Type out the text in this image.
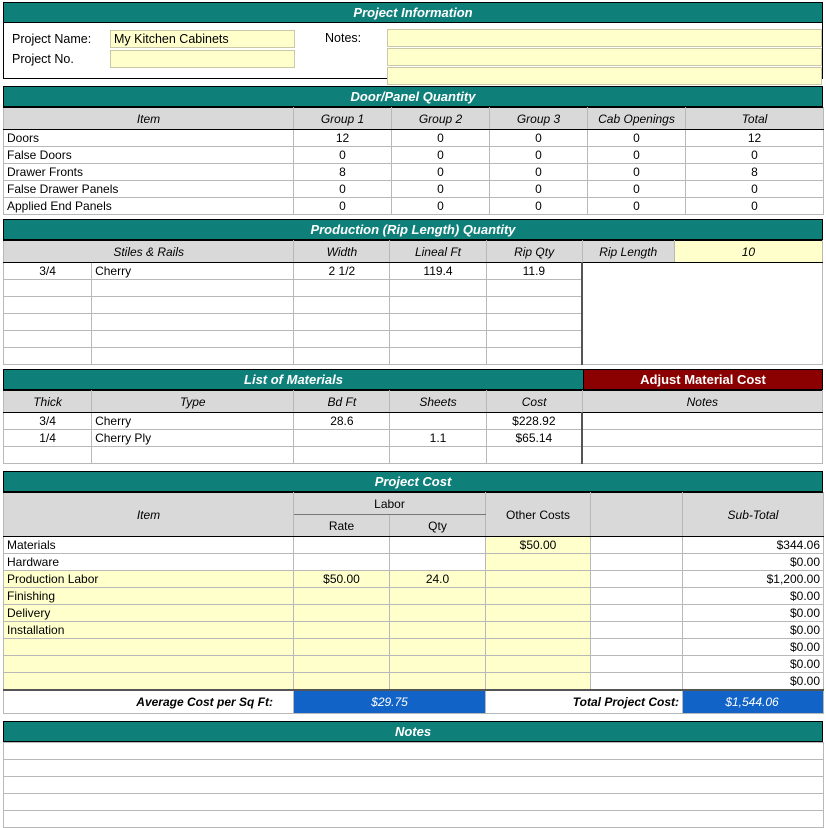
Project Information
Project Name:	My Kitchen Cabinets
Project No.
Notes:
Door/Panel Quantity
Item	Group 1	Group 2	Group 3	Cab Openings	Total
Doors	12	0	0	0	12
False Doors	0	0	0	0	0
Drawer Fronts	8	0	0	0	8
False Drawer Panels	0	0	0	0	0
Applied End Panels	0	0	0	0	0
Production (Rip Length) Quantity
Stiles & Rails		Width	Lineal Ft	Rip Qty	Rip Length	10
3/4	Cherry	2 1/2	119.4	11.9		

List of Materials	Adjust Material Cost
Thick	Type	Bd Ft	Sheets	Cost	Notes
3/4	Cherry	28.6		$228.92	
1/4	Cherry Ply		1.1	$65.14	

Project Cost
Item	Labor		Other Costs		Sub-Total
	Rate	Qty			
Materials			$50.00		$344.06
Hardware					$0.00
Production Labor	$50.00	24.0			$1,200.00
Finishing					$0.00
Delivery					$0.00
Installation					$0.00
					$0.00
					$0.00
					$0.00
Average Cost per Sq Ft:	$29.75		Total Project Cost:		$1,544.06
Notes
